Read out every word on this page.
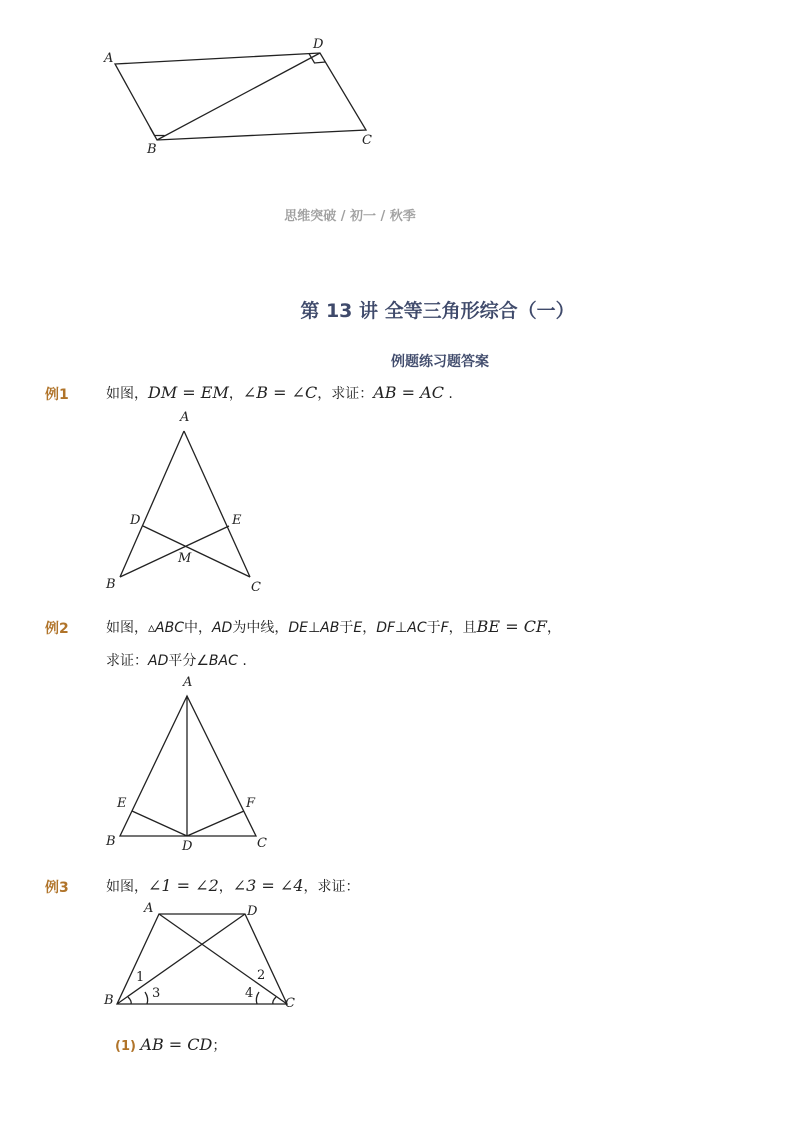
A
D
C
B
思维突破 / 初一 / 秋季
第 13 讲 全等三角形综合（一）
例题练习题答案
例1	如图，DM = EM，∠B = ∠C，求证：AB = AC .
A
D	E
M
B	C
例2	如图，▵ABC中，AD为中线，DE⊥AB于E，DF⊥AC于F，且BE = CF，
求证：AD平分∠BAC .
A
E	F
B	D	C
例3	如图，∠1 = ∠2，∠3 = ∠4，求证：
A	D
B	C
1	2
3	4
(1) AB = CD；
